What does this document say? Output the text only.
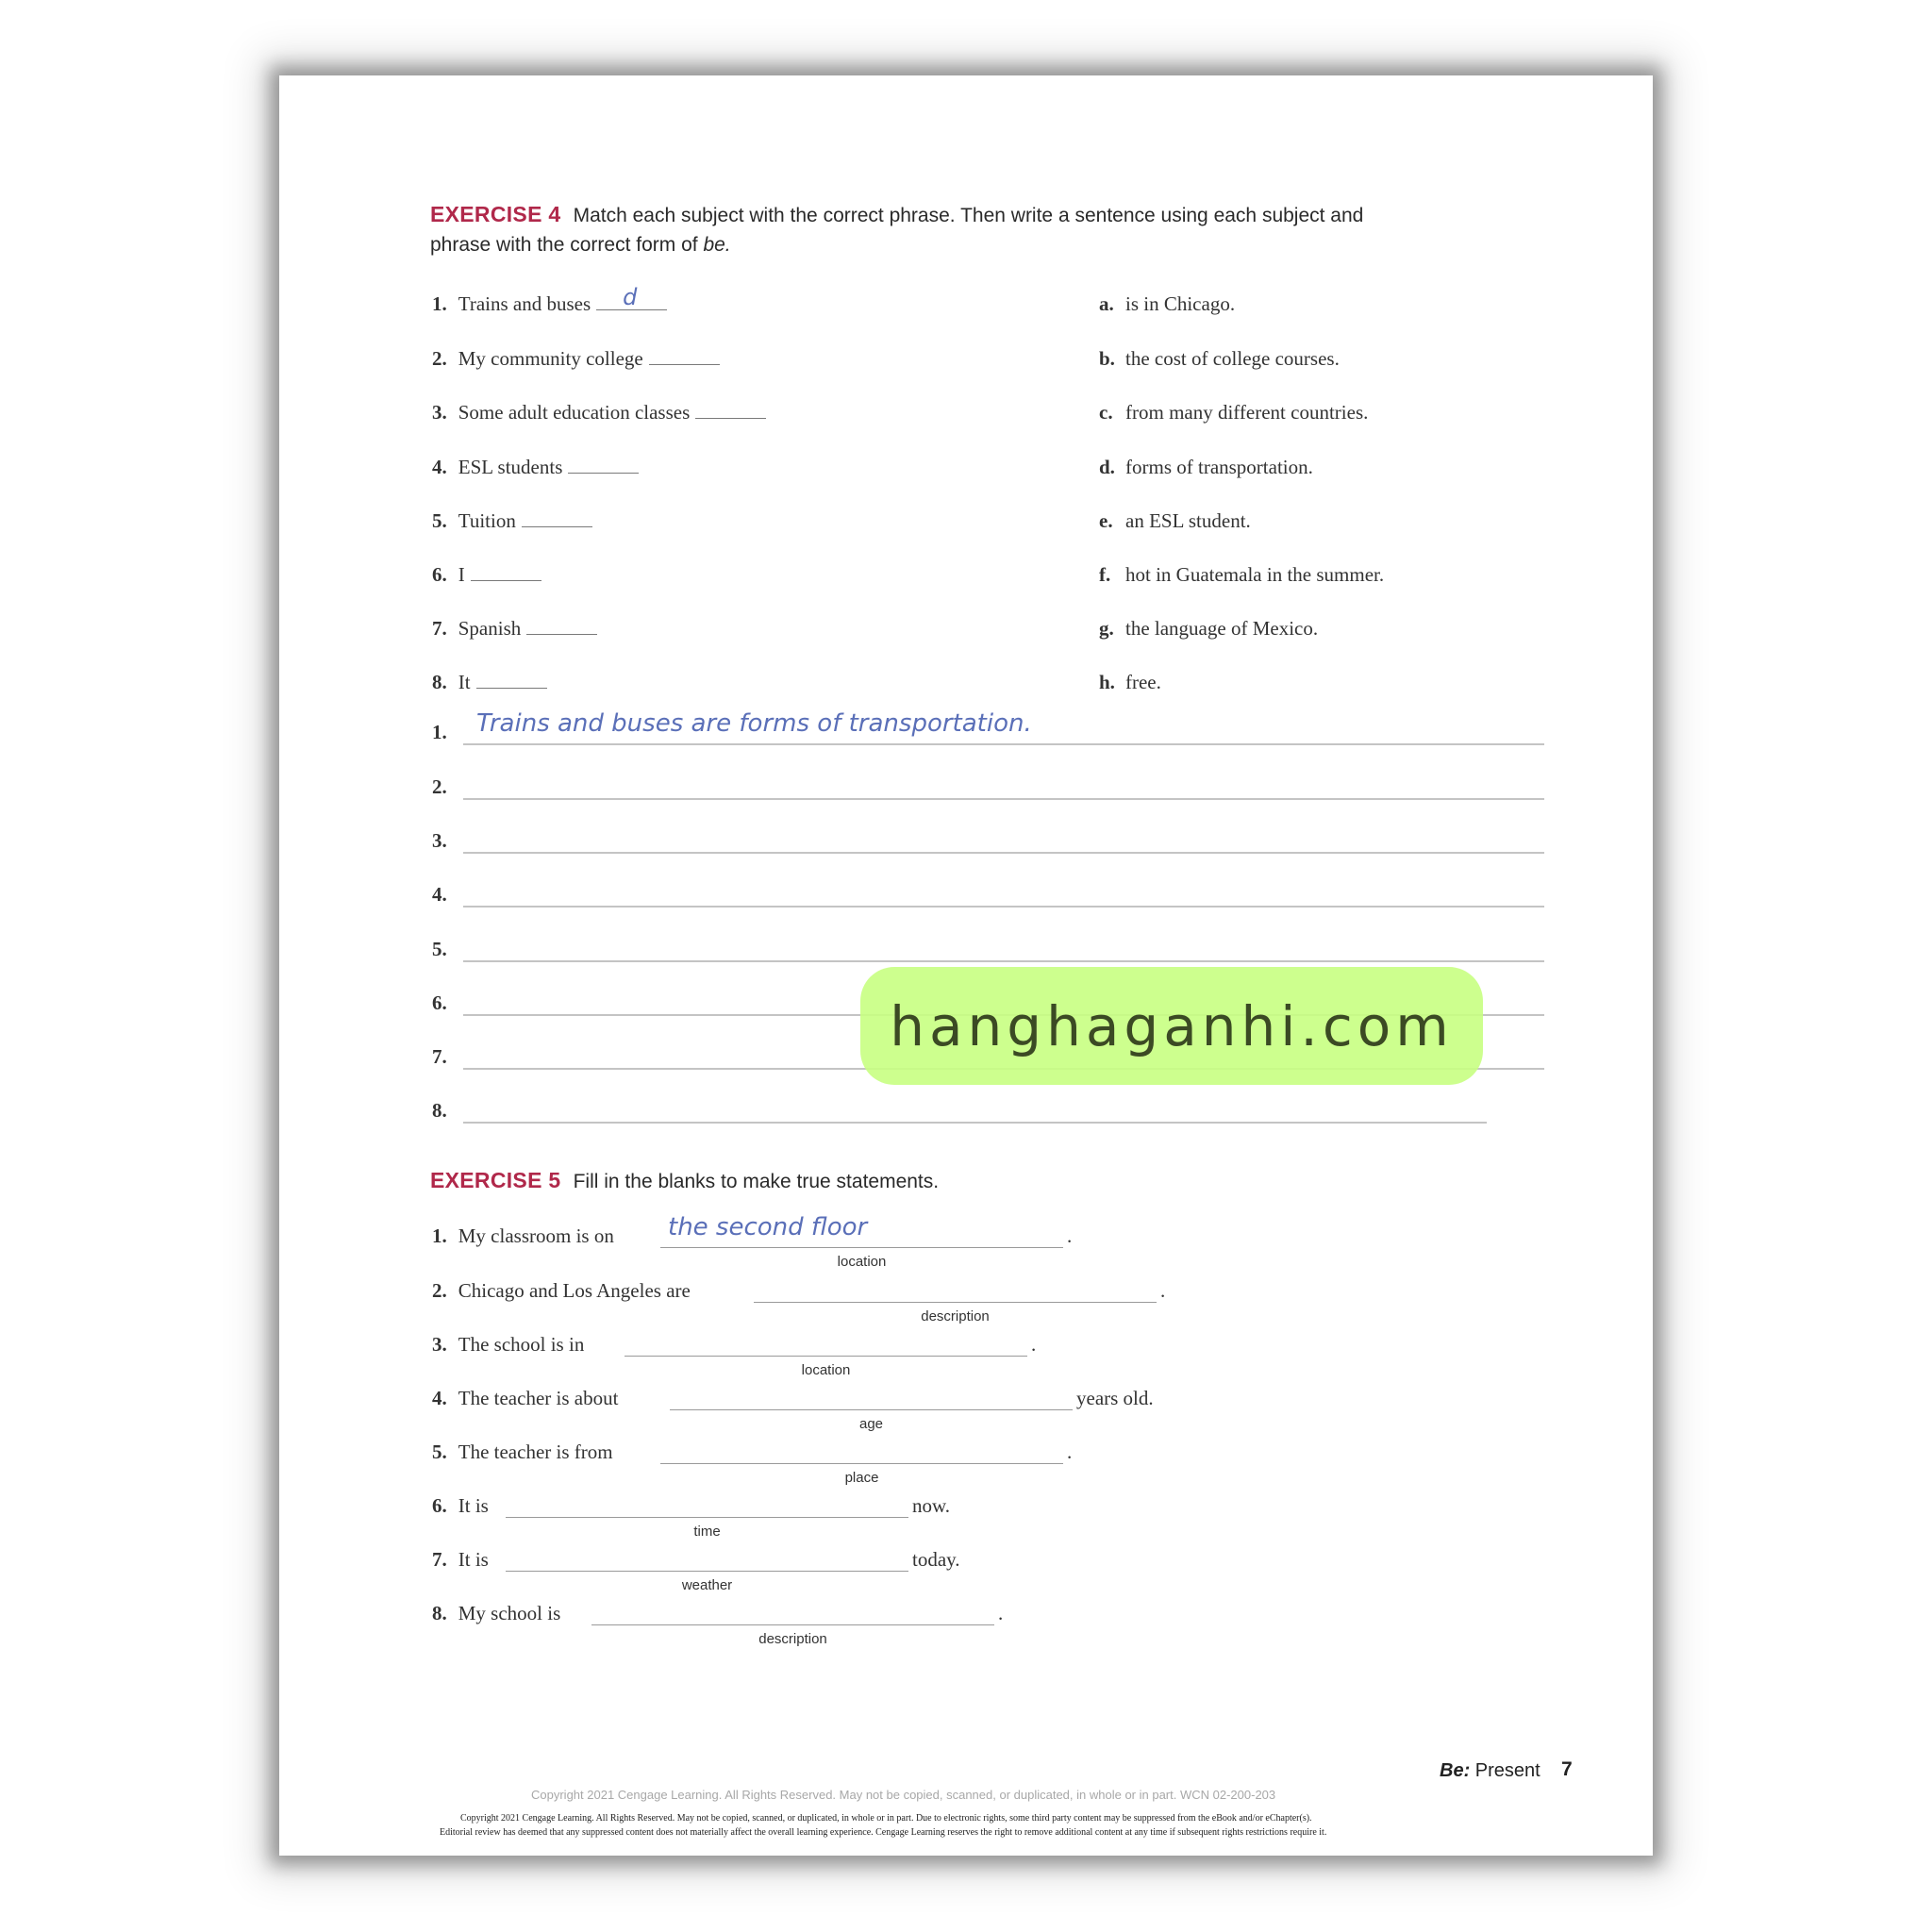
EXERCISE 4 Match each subject with the correct phrase. Then write a sentence using each subject and
phrase with the correct form of be.
1. Trains and buses d
2. My community college
3. Some adult education classes
4. ESL students
5. Tuition
6. I
7. Spanish
8. It
a. is in Chicago.
b. the cost of college courses.
c. from many different countries.
d. forms of transportation.
e. an ESL student.
f. hot in Guatemala in the summer.
g. the language of Mexico.
h. free.
1. Trains and buses are forms of transportation.
2.
3.
4.
5.
6.
7.
8.
EXERCISE 5 Fill in the blanks to make true statements.
1. My classroom is on the second floor	.
location
2. Chicago and Los Angeles are	.
description
3. The school is in	.
location
4. The teacher is about	years old.
age
5. The teacher is from	.
place
6. It is	now.
time
7. It is	today.
weather
8. My school is	.
description
hanghaganhi.com
Be: Present 7
Copyright 2021 Cengage Learning. All Rights Reserved. May not be copied, scanned, or duplicated, in whole or in part. WCN 02-200-203
Copyright 2021 Cengage Learning. All Rights Reserved. May not be copied, scanned, or duplicated, in whole or in part. Due to electronic rights, some third party content may be suppressed from the eBook and/or eChapter(s).
Editorial review has deemed that any suppressed content does not materially affect the overall learning experience. Cengage Learning reserves the right to remove additional content at any time if subsequent rights restrictions require it.
